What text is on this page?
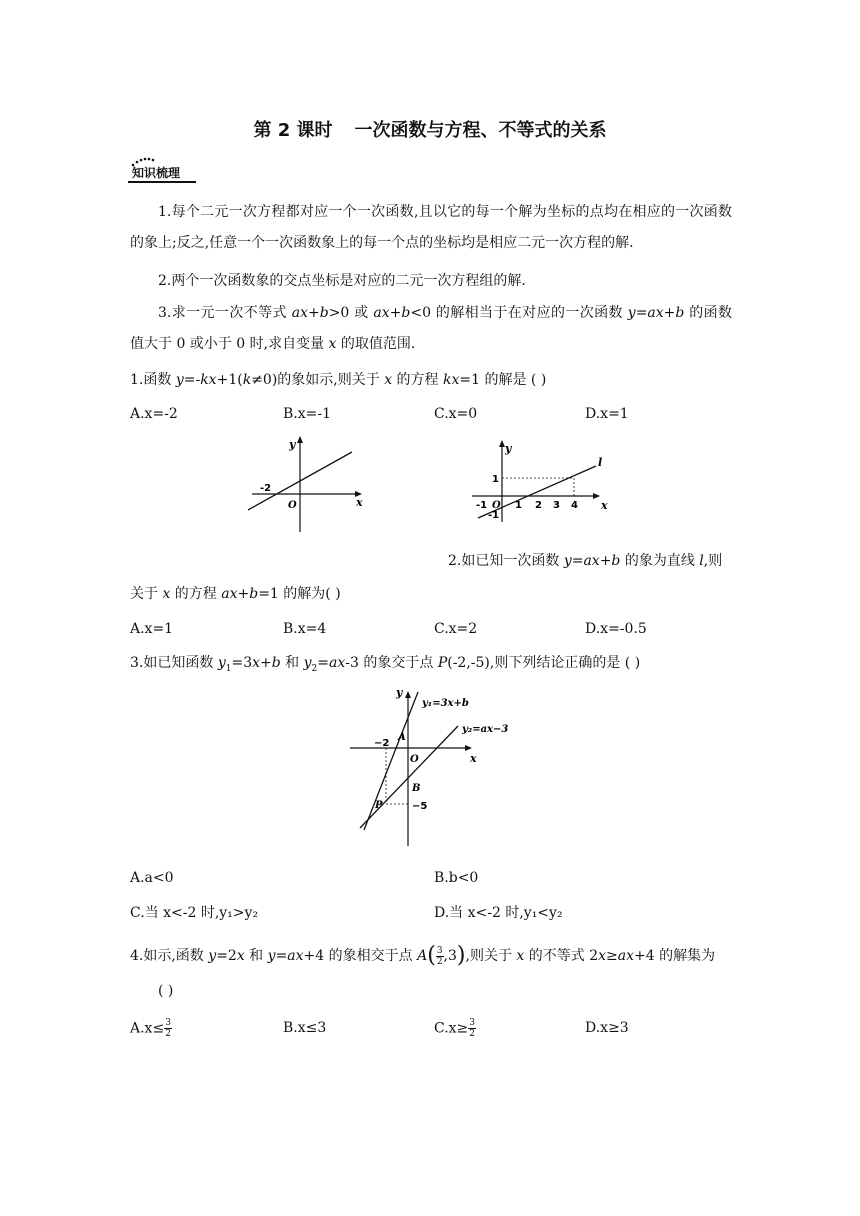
第 2 课时 一次函数与方程、不等式的关系
知识梳理

1.每个二元一次方程都对应一个一次函数,且以它的每一个解为坐标的点均在相应的一次函数的象上;反之,任意一个一次函数象上的每一个点的坐标均是相应二元一次方程的解.

2.两个一次函数象的交点坐标是对应的二元一次方程组的解.

3.求一元一次不等式 ax+b>0 或 ax+b<0 的解相当于在对应的一次函数 y=ax+b 的函数值大于 0 或小于 0 时,求自变量 x 的取值范围.

1.函数 y=-kx+1(k≠0)的象如示,则关于 x 的方程 kx=1 的解是 ( )
A.x=-2	B.x=-1	C.x=0	D.x=1
y
x
O
-2
y
x
l
1
-1 O
-1
1 2 3 4
2.如已知一次函数 y=ax+b 的象为直线 l,则
关于 x 的方程 ax+b=1 的解为( )
A.x=1	B.x=4	C.x=2	D.x=-0.5
3.如已知函数 $y_1=3x+b$ 和 $y_2=ax-3$ 的象交于点 P(-2,-5),则下列结论正确的是 ( )
y
x
y₁=3x+b
y₂=ax−3
A
O
B
P
−2
−5
A.a<0	B.b<0
C.当 x<-2 时,y₁>y₂	D.当 x<-2 时,y₁<y₂
4.如示,函数 y=2x 和 y=ax+4 的象相交于点 $A( \frac{3}{2} ,3)$,则关于 x 的不等式 2x≥ax+4 的解集为
( )
$A.x\le \frac{3}{2}$	B.x≤3	$C.x\ge \frac{3}{2}$	D.x≥3
